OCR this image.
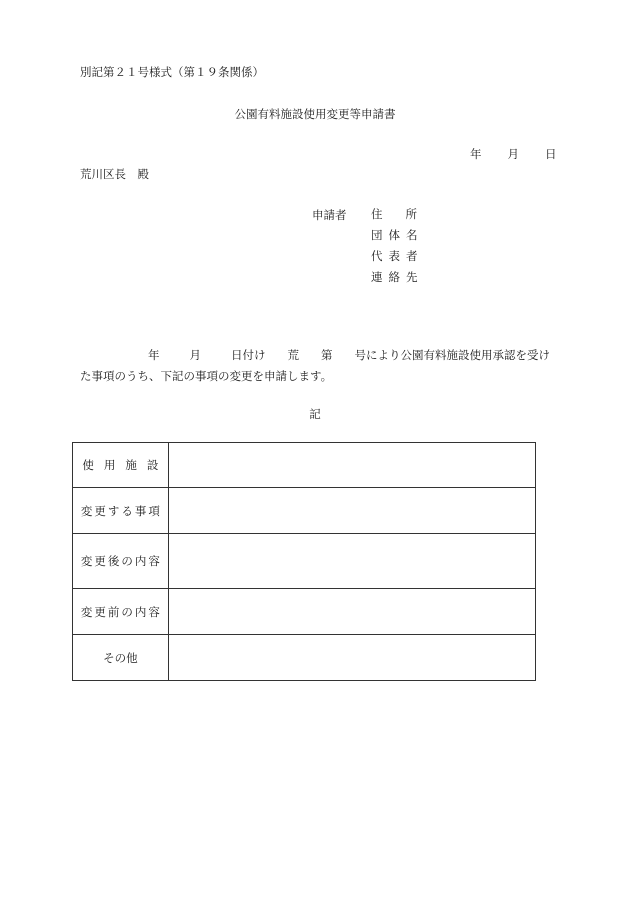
別記第２１号様式（第１９条関係）
公園有料施設使用変更等申請書
年 月 日
荒川区長　殿
申請者 住　　所
団体名
代表者
連絡先
年	月	日付け 荒 第 号により公園有料施設使用承認を受け
た事項のうち、下記の事項の変更を申請します。
記
使用施設	
変更する事項	
変更後の内容	
変更前の内容	
その他	
